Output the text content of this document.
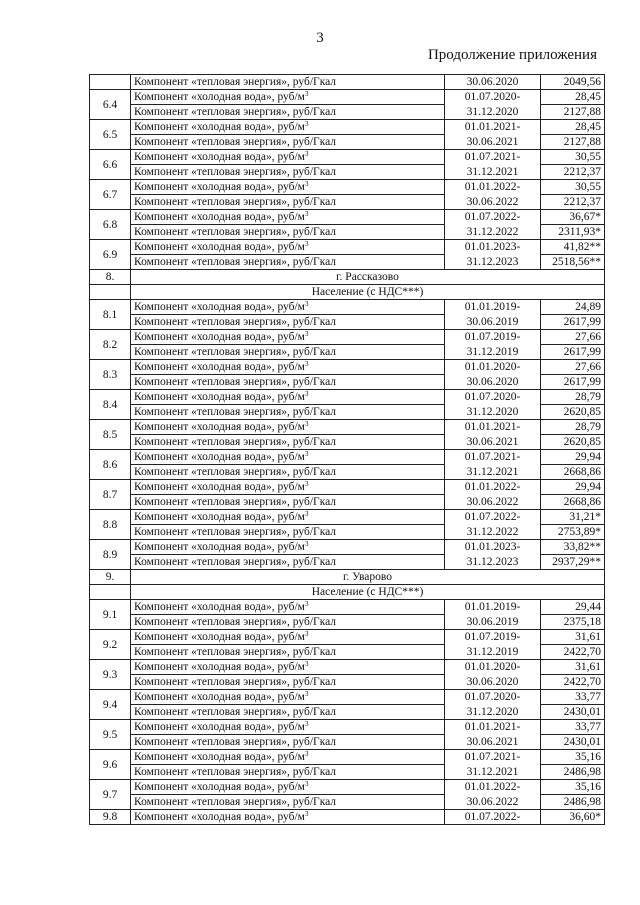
3
Продолжение приложения
	Компонент «тепловая энергия», руб/Гкал	30.06.2020	2049,56
6.4	Компонент «холодная вода», руб/$м^3$	01.07.2020-	28,45
	Компонент «тепловая энергия», руб/Гкал	31.12.2020	2127,88
6.5	Компонент «холодная вода», руб/$м^3$	01.01.2021-	28,45
	Компонент «тепловая энергия», руб/Гкал	30.06.2021	2127,88
6.6	Компонент «холодная вода», руб/$м^3$	01.07.2021-	30,55
	Компонент «тепловая энергия», руб/Гкал	31.12.2021	2212,37
6.7	Компонент «холодная вода», руб/$м^3$	01.01.2022-	30,55
	Компонент «тепловая энергия», руб/Гкал	30.06.2022	2212,37
6.8	Компонент «холодная вода», руб/$м^3$	01.07.2022-	36,67*
	Компонент «тепловая энергия», руб/Гкал	31.12.2022	2311,93*
6.9	Компонент «холодная вода», руб/$м^3$	01.01.2023-	41,82**
	Компонент «тепловая энергия», руб/Гкал	31.12.2023	2518,56**
8.	г. Рассказово		
	Население (с НДС***)		
8.1	Компонент «холодная вода», руб/$м^3$	01.01.2019-	24,89
	Компонент «тепловая энергия», руб/Гкал	30.06.2019	2617,99
8.2	Компонент «холодная вода», руб/$м^3$	01.07.2019-	27,66
	Компонент «тепловая энергия», руб/Гкал	31.12.2019	2617,99
8.3	Компонент «холодная вода», руб/$м^3$	01.01.2020-	27,66
	Компонент «тепловая энергия», руб/Гкал	30.06.2020	2617,99
8.4	Компонент «холодная вода», руб/$м^3$	01.07.2020-	28,79
	Компонент «тепловая энергия», руб/Гкал	31.12.2020	2620,85
8.5	Компонент «холодная вода», руб/$м^3$	01.01.2021-	28,79
	Компонент «тепловая энергия», руб/Гкал	30.06.2021	2620,85
8.6	Компонент «холодная вода», руб/$м^3$	01.07.2021-	29,94
	Компонент «тепловая энергия», руб/Гкал	31.12.2021	2668,86
8.7	Компонент «холодная вода», руб/$м^3$	01.01.2022-	29,94
	Компонент «тепловая энергия», руб/Гкал	30.06.2022	2668,86
8.8	Компонент «холодная вода», руб/$м^3$	01.07.2022-	31,21*
	Компонент «тепловая энергия», руб/Гкал	31.12.2022	2753,89*
8.9	Компонент «холодная вода», руб/$м^3$	01.01.2023-	33,82**
	Компонент «тепловая энергия», руб/Гкал	31.12.2023	2937,29**
9.	г. Уварово		
	Население (с НДС***)		
9.1	Компонент «холодная вода», руб/$м^3$	01.01.2019-	29,44
	Компонент «тепловая энергия», руб/Гкал	30.06.2019	2375,18
9.2	Компонент «холодная вода», руб/$м^3$	01.07.2019-	31,61
	Компонент «тепловая энергия», руб/Гкал	31.12.2019	2422,70
9.3	Компонент «холодная вода», руб/$м^3$	01.01.2020-	31,61
	Компонент «тепловая энергия», руб/Гкал	30.06.2020	2422,70
9.4	Компонент «холодная вода», руб/$м^3$	01.07.2020-	33,77
	Компонент «тепловая энергия», руб/Гкал	31.12.2020	2430,01
9.5	Компонент «холодная вода», руб/$м^3$	01.01.2021-	33,77
	Компонент «тепловая энергия», руб/Гкал	30.06.2021	2430,01
9.6	Компонент «холодная вода», руб/$м^3$	01.07.2021-	35,16
	Компонент «тепловая энергия», руб/Гкал	31.12.2021	2486,98
9.7	Компонент «холодная вода», руб/$м^3$	01.01.2022-	35,16
	Компонент «тепловая энергия», руб/Гкал	30.06.2022	2486,98
9.8	Компонент «холодная вода», руб/$м^3$	01.07.2022-	36,60*
